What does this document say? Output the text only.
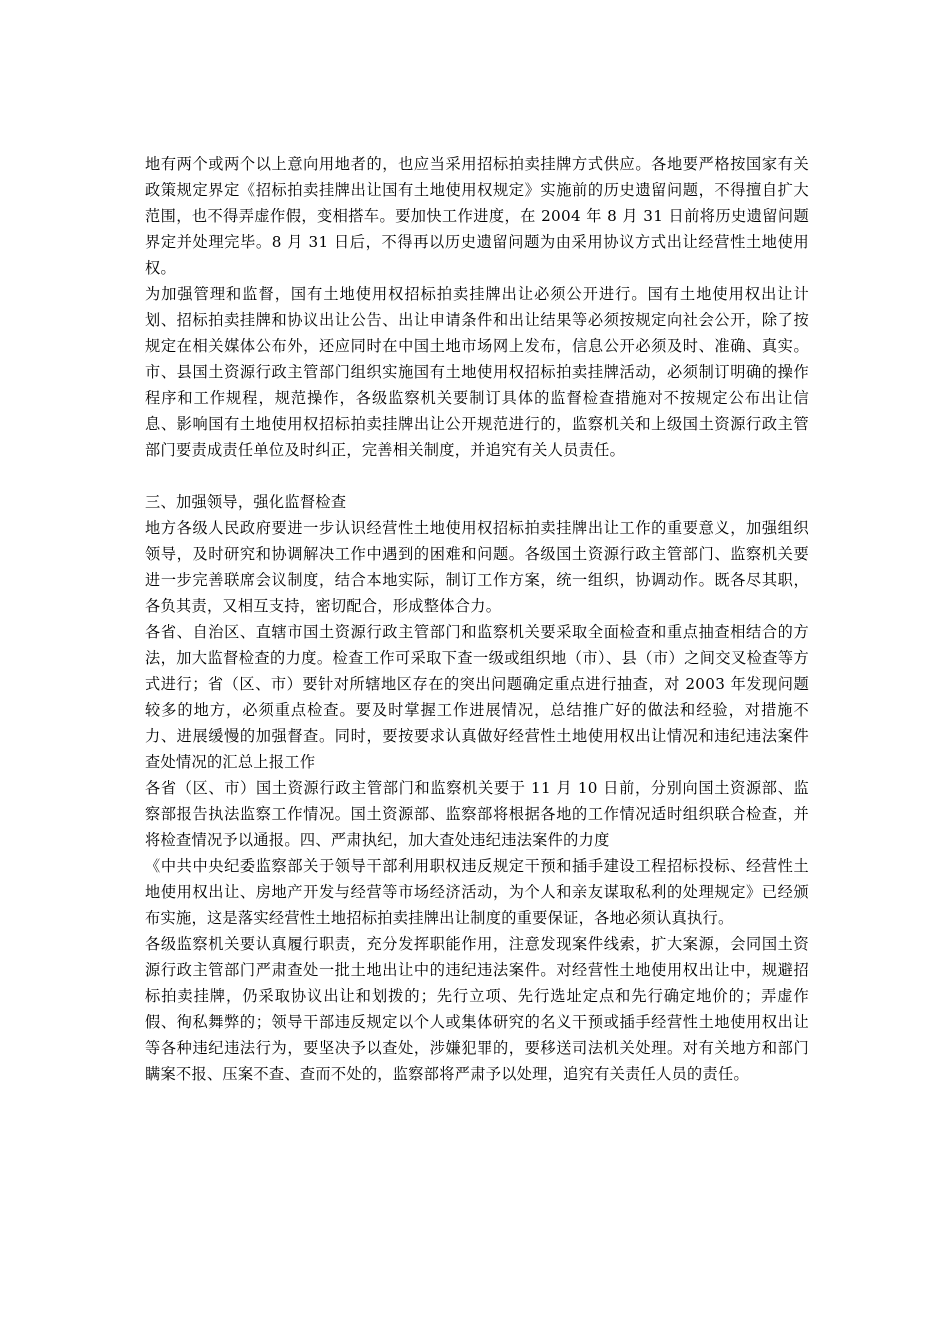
地有两个或两个以上意向用地者的，也应当采用招标拍卖挂牌方式供应。各地要严格按国家有关政策规定界定《招标拍卖挂牌出让国有土地使用权规定》实施前的历史遗留问题，不得擅自扩大范围，也不得弄虚作假，变相搭车。要加快工作进度，在 2004 年 8 月 31 日前将历史遗留问题界定并处理完毕。8 月 31 日后，不得再以历史遗留问题为由采用协议方式出让经营性土地使用权。

为加强管理和监督，国有土地使用权招标拍卖挂牌出让必须公开进行。国有土地使用权出让计划、招标拍卖挂牌和协议出让公告、出让申请条件和出让结果等必须按规定向社会公开，除了按规定在相关媒体公布外，还应同时在中国土地市场网上发布，信息公开必须及时、准确、真实。市、县国土资源行政主管部门组织实施国有土地使用权招标拍卖挂牌活动，必须制订明确的操作程序和工作规程，规范操作，各级监察机关要制订具体的监督检查措施对不按规定公布出让信息、影响国有土地使用权招标拍卖挂牌出让公开规范进行的，监察机关和上级国土资源行政主管部门要责成责任单位及时纠正，完善相关制度，并追究有关人员责任。

三、加强领导，强化监督检查

地方各级人民政府要进一步认识经营性土地使用权招标拍卖挂牌出让工作的重要意义，加强组织领导，及时研究和协调解决工作中遇到的困难和问题。各级国土资源行政主管部门、监察机关要进一步完善联席会议制度，结合本地实际，制订工作方案，统一组织，协调动作。既各尽其职，各负其责，又相互支持，密切配合，形成整体合力。

各省、自治区、直辖市国土资源行政主管部门和监察机关要采取全面检查和重点抽查相结合的方法，加大监督检查的力度。检查工作可采取下查一级或组织地（市）、县（市）之间交叉检查等方式进行；省（区、市）要针对所辖地区存在的突出问题确定重点进行抽查，对 2003 年发现问题较多的地方，必须重点检查。要及时掌握工作进展情况，总结推广好的做法和经验，对措施不力、进展缓慢的加强督查。同时，要按要求认真做好经营性土地使用权出让情况和违纪违法案件查处情况的汇总上报工作

各省（区、市）国土资源行政主管部门和监察机关要于 11 月 10 日前，分别向国土资源部、监察部报告执法监察工作情况。国土资源部、监察部将根据各地的工作情况适时组织联合检查，并将检查情况予以通报。四、严肃执纪，加大查处违纪违法案件的力度

《中共中央纪委监察部关于领导干部利用职权违反规定干预和插手建设工程招标投标、经营性土地使用权出让、房地产开发与经营等市场经济活动，为个人和亲友谋取私利的处理规定》已经颁布实施，这是落实经营性土地招标拍卖挂牌出让制度的重要保证，各地必须认真执行。

各级监察机关要认真履行职责，充分发挥职能作用，注意发现案件线索，扩大案源，会同国土资源行政主管部门严肃查处一批土地出让中的违纪违法案件。对经营性土地使用权出让中，规避招标拍卖挂牌，仍采取协议出让和划拨的；先行立项、先行选址定点和先行确定地价的；弄虚作假、徇私舞弊的；领导干部违反规定以个人或集体研究的名义干预或插手经营性土地使用权出让等各种违纪违法行为，要坚决予以查处，涉嫌犯罪的，要移送司法机关处理。对有关地方和部门瞒案不报、压案不查、查而不处的，监察部将严肃予以处理，追究有关责任人员的责任。
